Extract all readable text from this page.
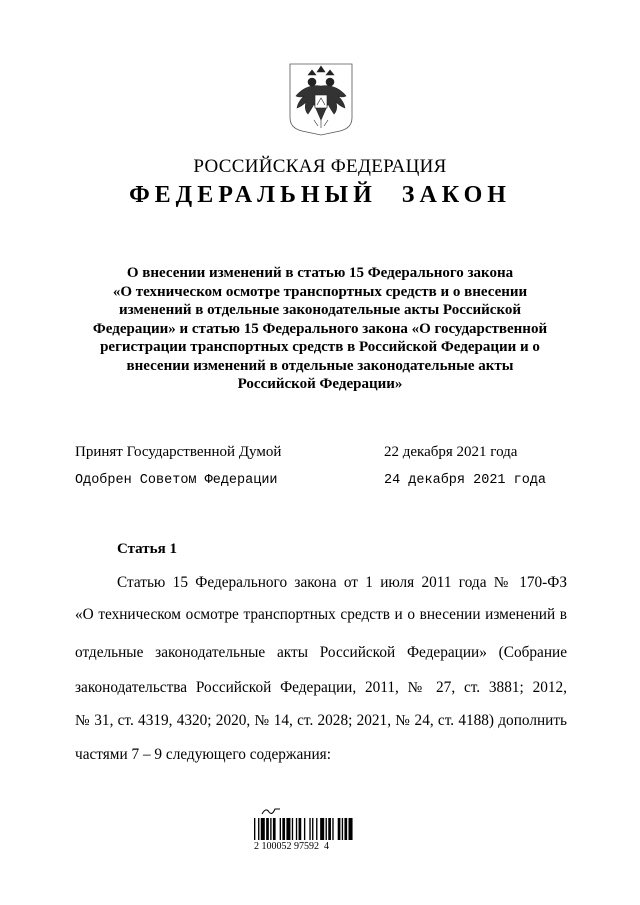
РОССИЙСКАЯ ФЕДЕРАЦИЯ
ФЕДЕРАЛЬНЫЙ ЗАКОН
О внесении изменений в статью 15 Федерального закона
«О техническом осмотре транспортных средств и о внесении
изменений в отдельные законодательные акты Российской
Федерации» и статью 15 Федерального закона «О государственной
регистрации транспортных средств в Российской Федерации и о
внесении изменений в отдельные законодательные акты
Российской Федерации»
Принят Государственной Думой	22 декабря 2021 года
Одобрен Советом Федерации	24 декабря 2021 года
Статья 1
Статью 15 Федерального закона от 1 июля 2011 года № 170-ФЗ
«О техническом осмотре транспортных средств и о внесении изменений в
отдельные законодательные акты Российской Федерации» (Собрание
законодательства Российской Федерации, 2011, № 27, ст. 3881; 2012,
№ 31, ст. 4319, 4320; 2020, № 14, ст. 2028; 2021, № 24, ст. 4188) дополнить
частями 7 – 9 следующего содержания:
2 100052 97592  4
